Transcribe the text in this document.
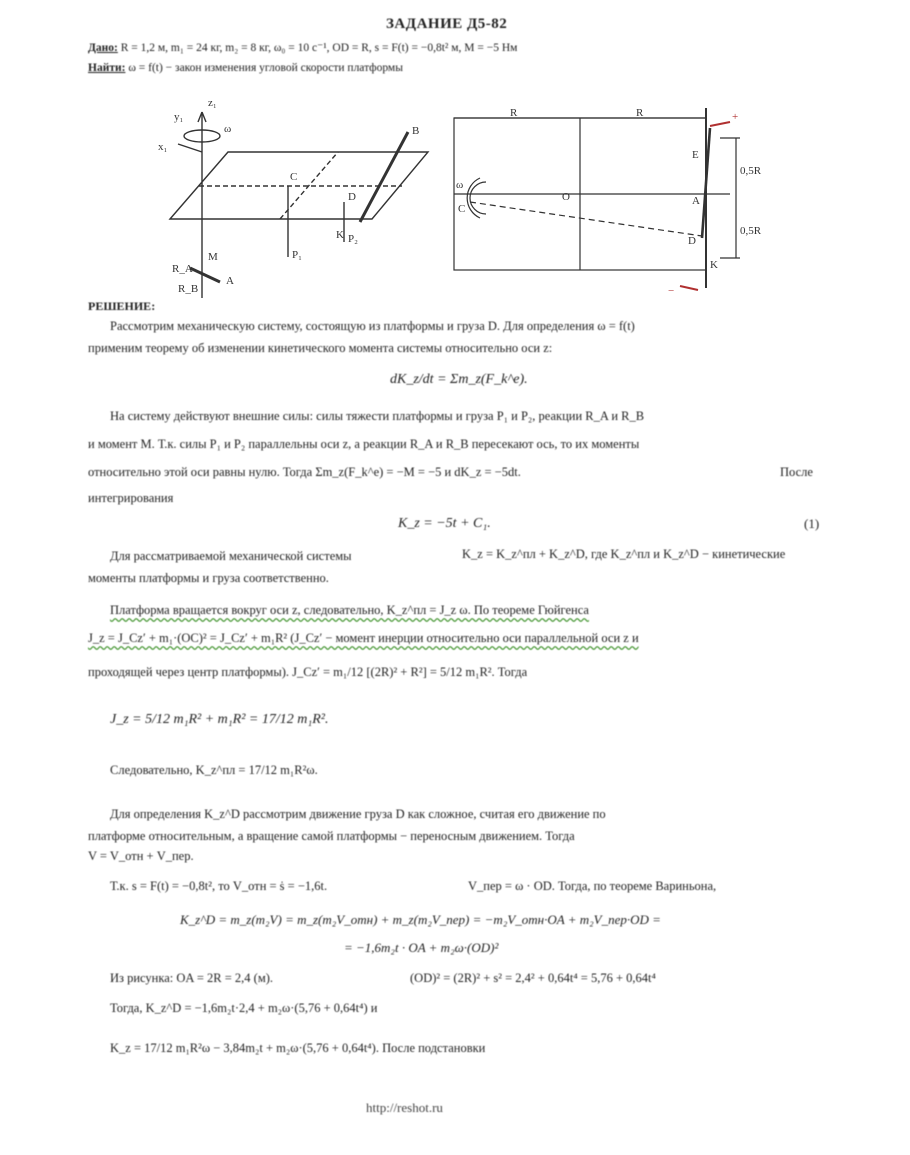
ЗАДАНИЕ Д5-82
Дано: R = 1,2 м, m₁ = 24 кг, m₂ = 8 кг, ω₀ = 10 с⁻¹, OD = R, s = F(t) = −0,8t² м, M = −5 Нм
Найти: ω = f(t) − закон изменения угловой скорости платформы
z₁
ω
y₁
x₁
C
A
B
D
K
P₁
P₂
M
R_A
R_B
R	R
ω
C
O
E
A
D
K
0,5R
0,5R
+
−
РЕШЕНИЕ:
Рассмотрим механическую систему, состоящую из платформы и груза D. Для определения ω = f(t)
применим теорему об изменении кинетического момента системы относительно оси z:
dK_z/dt = Σm_z(F_k^e).
На систему действуют внешние силы: силы тяжести платформы и груза P₁ и P₂, реакции R_A и R_B
и момент M. Т.к. силы P₁ и P₂ параллельны оси z, а реакции R_A и R_B пересекают ось, то их моменты
относительно этой оси равны нулю. Тогда Σm_z(F_k^e) = −M = −5 и dK_z = −5dt.	После
интегрирования
K_z = −5t + C₁.	(1)
Для рассматриваемой механической системы	K_z = K_z^пл + K_z^D, где K_z^пл и K_z^D − кинетические
моменты платформы и груза соответственно.
Платформа вращается вокруг оси z, следовательно, K_z^пл = J_z ω. По теореме Гюйгенса
J_z = J_Cz′ + m₁·(OC)² = J_Cz′ + m₁R² (J_Cz′ − момент инерции относительно оси параллельной оси z и
проходящей через центр платформы). J_Cz′ = m₁/12 [(2R)² + R²] = 5/12 m₁R². Тогда
J_z = 5/12 m₁R² + m₁R² = 17/12 m₁R².
Следовательно, K_z^пл = 17/12 m₁R²ω.
Для определения K_z^D рассмотрим движение груза D как сложное, считая его движение по
платформе относительным, а вращение самой платформы − переносным движением. Тогда
V = V_отн + V_пер.
Т.к. s = F(t) = −0,8t², то V_отн = ṡ = −1,6t.	V_пер = ω · OD. Тогда, по теореме Вариньона,
K_z^D = m_z(m₂V) = m_z(m₂V_отн) + m_z(m₂V_пер) = −m₂V_отн·OA + m₂V_пер·OD =
= −1,6m₂t · OA + m₂ω·(OD)²
Из рисунка: OA = 2R = 2,4 (м).	(OD)² = (2R)² + s² = 2,4² + 0,64t⁴ = 5,76 + 0,64t⁴
Тогда, K_z^D = −1,6m₂t·2,4 + m₂ω·(5,76 + 0,64t⁴) и
K_z = 17/12 m₁R²ω − 3,84m₂t + m₂ω·(5,76 + 0,64t⁴). После подстановки
http://reshot.ru
